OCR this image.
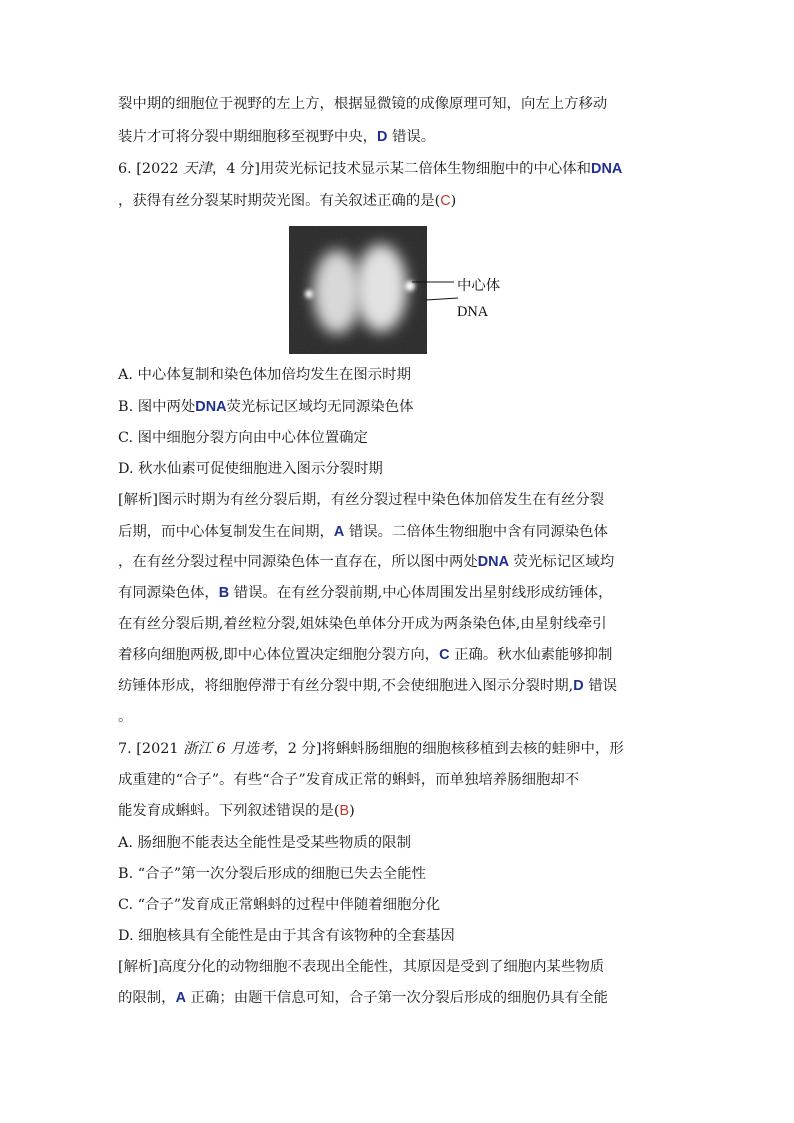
裂中期的细胞位于视野的左上方，根据显微镜的成像原理可知，向左上方移动
装片才可将分裂中期细胞移至视野中央，D 错误。
6. [2022 天津，4 分]用荧光标记技术显示某二倍体生物细胞中的中心体和DNA
，获得有丝分裂某时期荧光图。有关叙述正确的是(C)
A. 中心体复制和染色体加倍均发生在图示时期
B. 图中两处DNA荧光标记区域均无同源染色体
C. 图中细胞分裂方向由中心体位置确定
D. 秋水仙素可促使细胞进入图示分裂时期
[解析]图示时期为有丝分裂后期，有丝分裂过程中染色体加倍发生在有丝分裂
后期，而中心体复制发生在间期，A 错误。二倍体生物细胞中含有同源染色体
，在有丝分裂过程中同源染色体一直存在，所以图中两处DNA 荧光标记区域均
有同源染色体，B 错误。在有丝分裂前期,中心体周围发出星射线形成纺锤体，
在有丝分裂后期,着丝粒分裂,姐妹染色单体分开成为两条染色体,由星射线牵引
着移向细胞两极,即中心体位置决定细胞分裂方向，C 正确。秋水仙素能够抑制
纺锤体形成，将细胞停滞于有丝分裂中期,不会使细胞进入图示分裂时期,D 错误
。
7. [2021 浙江 6 月选考，2 分]将蝌蚪肠细胞的细胞核移植到去核的蛙卵中，形
成重建的“合子”。有些“合子”发育成正常的蝌蚪，而单独培养肠细胞却不
能发育成蝌蚪。下列叙述错误的是(B)
A. 肠细胞不能表达全能性是受某些物质的限制
B. “合子”第一次分裂后形成的细胞已失去全能性
C. “合子”发育成正常蝌蚪的过程中伴随着细胞分化
D. 细胞核具有全能性是由于其含有该物种的全套基因
[解析]高度分化的动物细胞不表现出全能性，其原因是受到了细胞内某些物质
的限制，A 正确；由题干信息可知，合子第一次分裂后形成的细胞仍具有全能
中心体
DNA
